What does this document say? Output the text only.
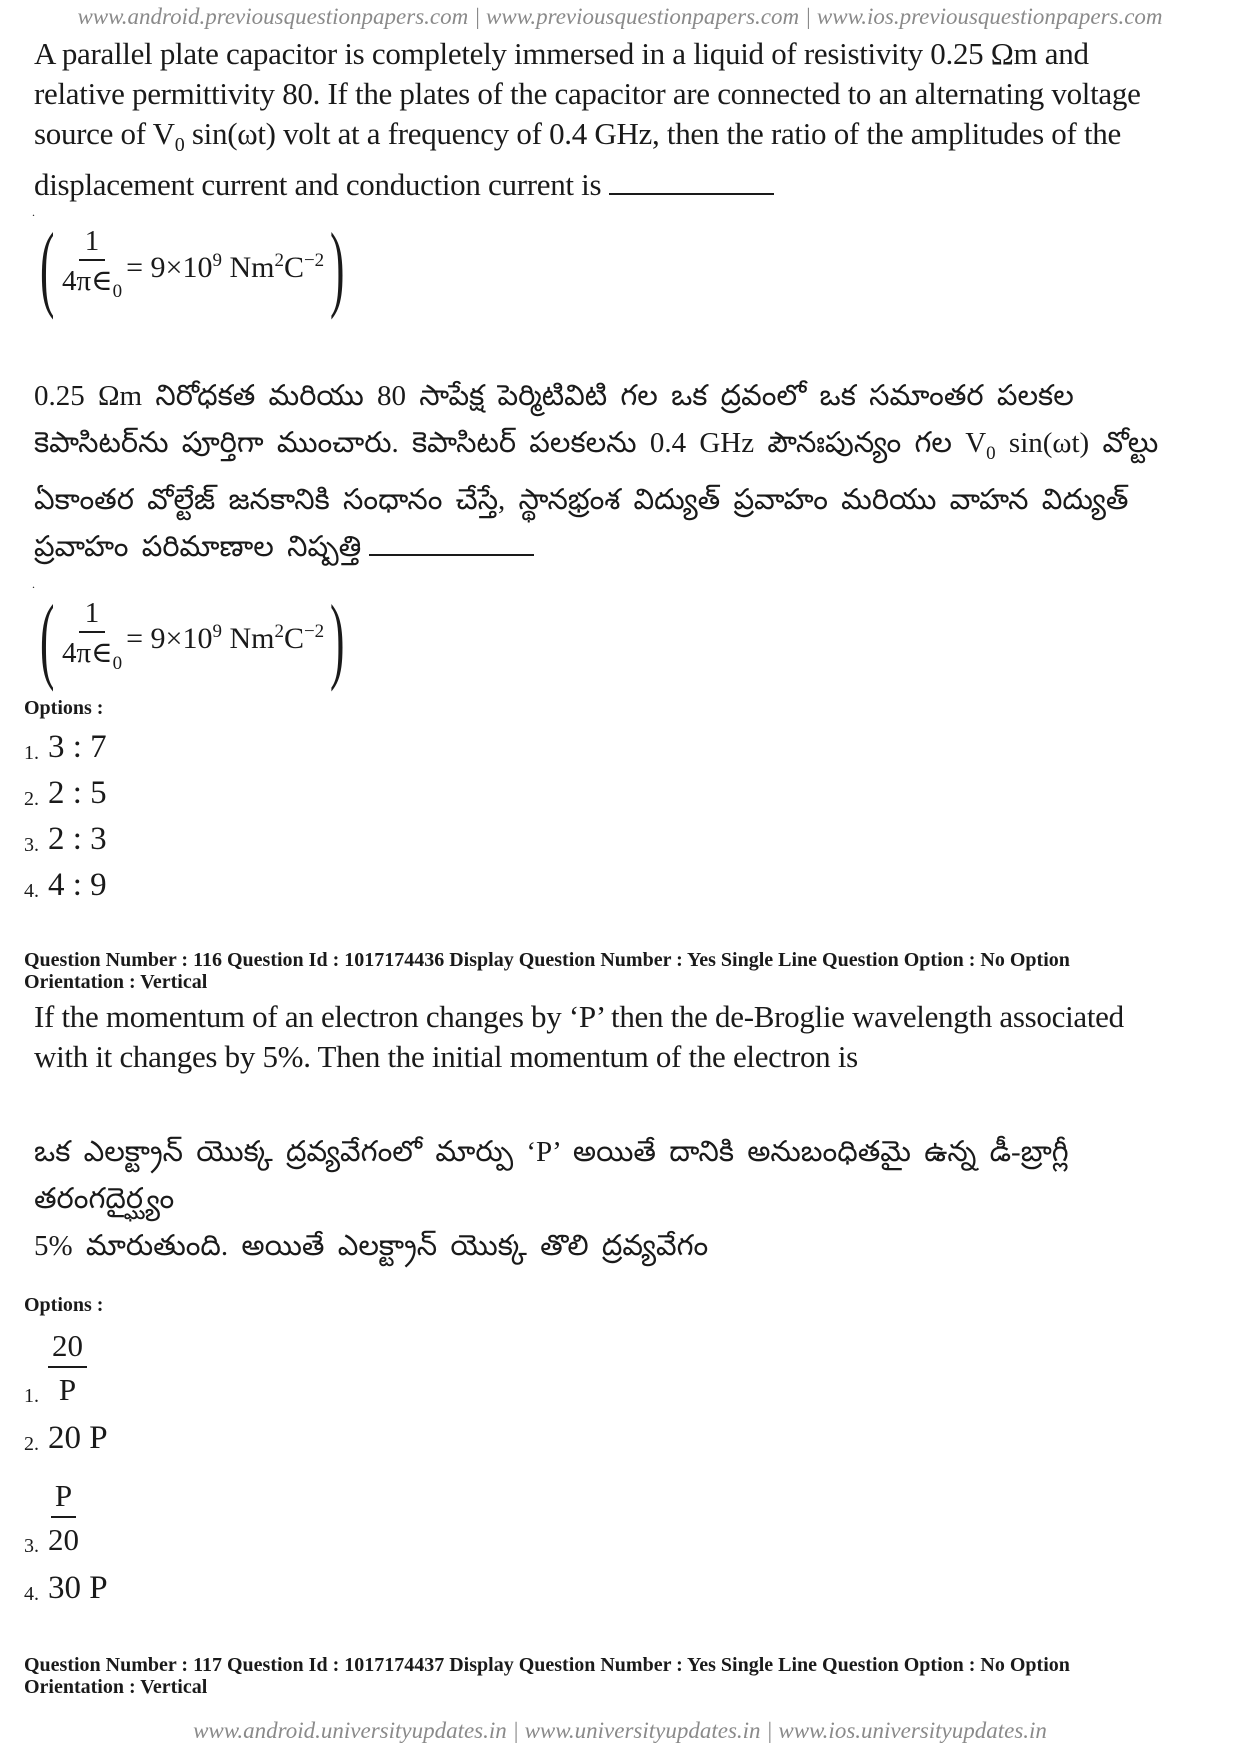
www.android.previousquestionpapers.com | www.previousquestionpapers.com | www.ios.previousquestionpapers.com

A parallel plate capacitor is completely immersed in a liquid of resistivity 0.25 Ωm and

relative permittivity 80. If the plates of the capacitor are connected to an alternating voltage

source of $V_0$ sin(ωt) volt at a frequency of 0.4 GHz, then the ratio of the amplitudes of the

displacement current and conduction current is

.

( $\frac{1}{4\pi\in_0} = 9\times 10^9$ $Nm^2C^{-2}$ )

0.25 Ωm నిరోధకత మరియు 80 సాపేక్ష పెర్మిటివిటి గల ఒక ద్రవంలో ఒక సమాంతర పలకల

కెపాసిటర్‌ను పూర్తిగా ముంచారు. కెపాసిటర్ పలకలను 0.4 GHz పౌనఃపున్యం గల $V_0$ sin(ωt) వోల్టు

ఏకాంతర వోల్టేజ్ జనకానికి సంధానం చేస్తే, స్థానభ్రంశ విద్యుత్ ప్రవాహం మరియు వాహన విద్యుత్

ప్రవాహం పరిమాణాల నిష్పత్తి

.

( $\frac{1}{4\pi\in_0} = 9\times 10^9$ $Nm^2C^{-2}$ )

Options :

1. 3 : 7
2. 2 : 5
3. 2 : 3
4. 4 : 9

Question Number : 116 Question Id : 1017174436 Display Question Number : Yes Single Line Question Option : No Option

Orientation : Vertical

If the momentum of an electron changes by ‘P’ then the de-Broglie wavelength associated

with it changes by 5%. Then the initial momentum of the electron is

ఒక ఎలక్ట్రాన్ యొక్క ద్రవ్యవేగంలో మార్పు ‘P’ అయితే దానికి అనుబంధితమై ఉన్న డీ-బ్రాగ్లీ తరంగదైర్ఘ్యం

5% మారుతుంది. అయితే ఎలక్ట్రాన్ యొక్క తొలి ద్రవ్యవేగం

Options :

1.
20
P
2. 20 P
3.
P
20
4. 30 P

Question Number : 117 Question Id : 1017174437 Display Question Number : Yes Single Line Question Option : No Option

Orientation : Vertical

www.android.universityupdates.in | www.universityupdates.in | www.ios.universityupdates.in
